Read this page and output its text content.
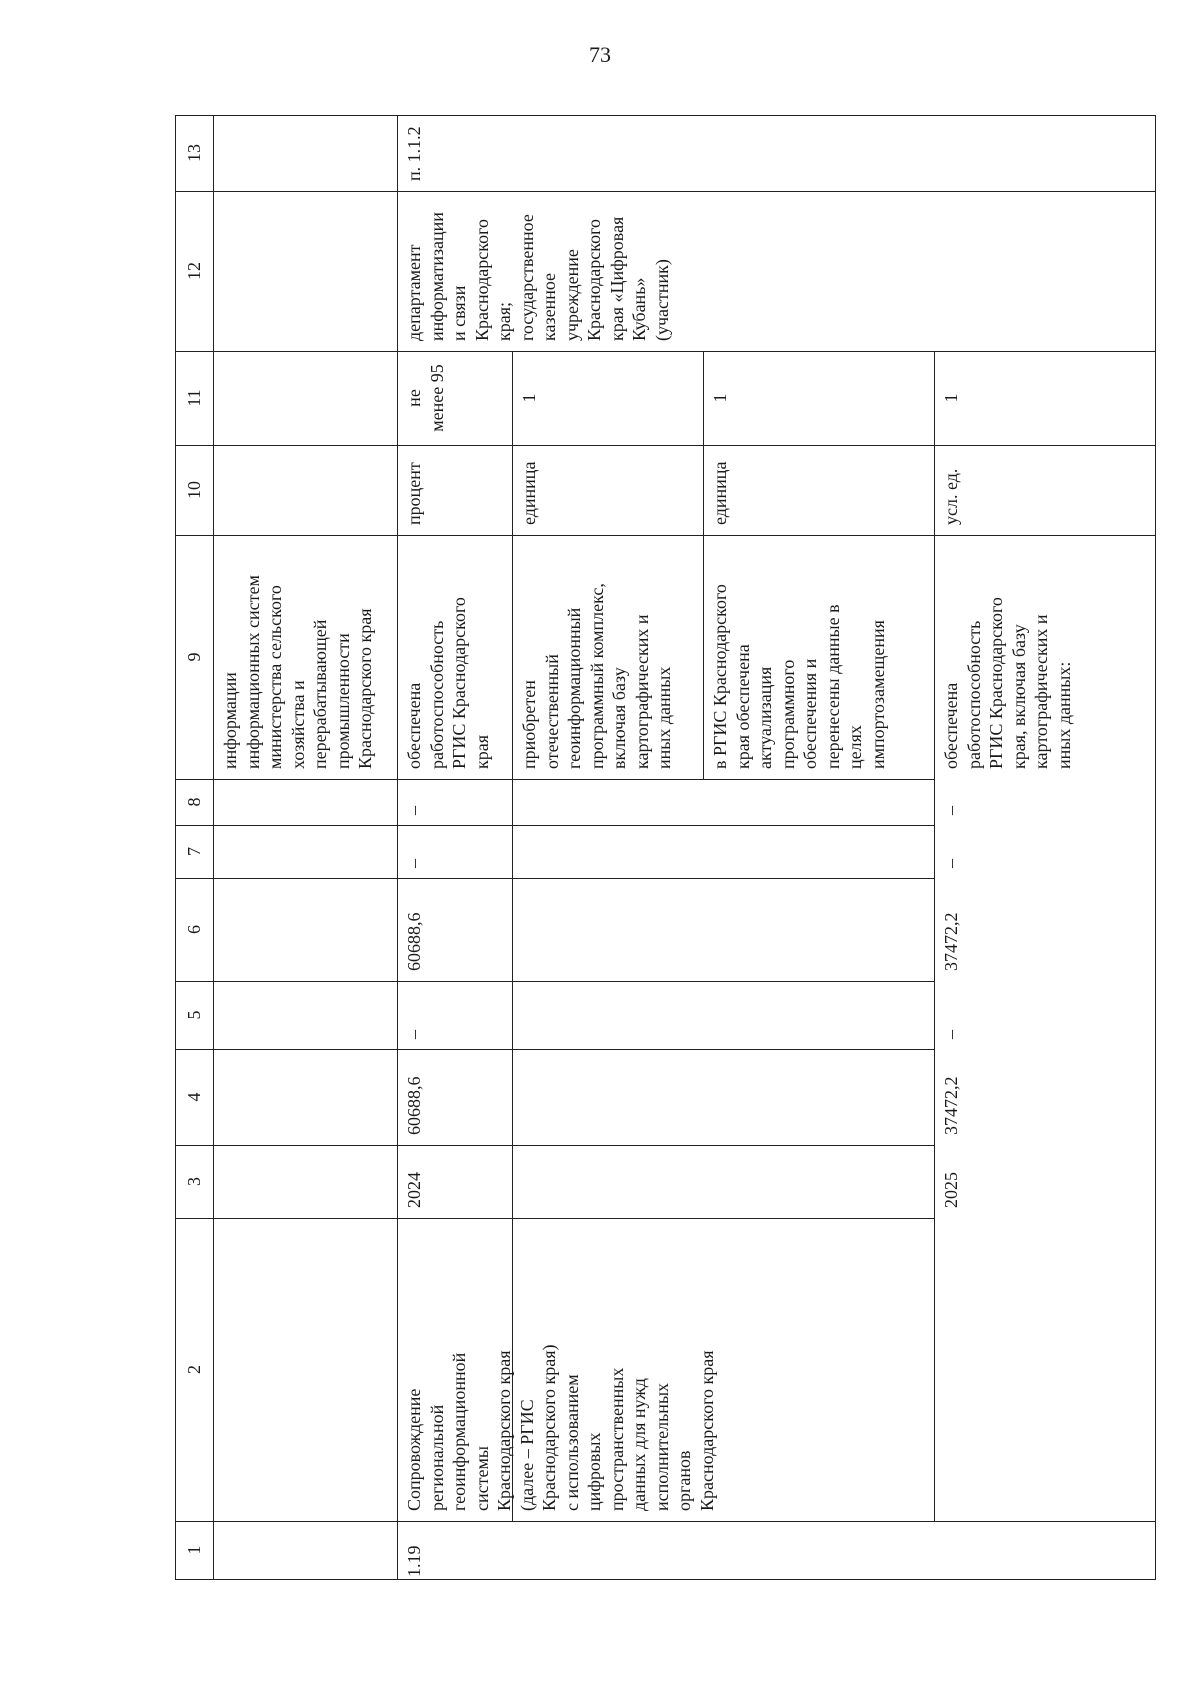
73
13
12
11
10
9
8
7
6
5
4
3
2
1
информации
информационных систем
министерства сельского
хозяйства и
перерабатывающей
промышленности
Краснодарского края
1.19
Сопровождение
региональной
геоинформационной
системы
Краснодарского края
(далее – РГИС
Краснодарского края)
с использованием
цифровых
пространственных
данных для нужд
исполнительных
органов
Краснодарского края
2024
60688,6
–
60688,6
–
–
обеспечена
работоспособность
РГИС Краснодарского
края
процент
не
менее 95
приобретен
отечественный
геоинформационный
программный комплекс,
включая базу
картографических и
иных данных
единица
1
в РГИС Краснодарского
края обеспечена
актуализация
программного
обеспечения и
перенесены данные в
целях
импортозамещения
единица
1
2025
37472,2
–
37472,2
–
–
обеспечена
работоспособность
РГИС Краснодарского
края, включая базу
картографических и
иных данных:
усл. ед.
1
департамент
информатизации
и связи
Краснодарского
края;
государственное
казенное
учреждение
Краснодарского
края «Цифровая
Кубань»
(участник)
п. 1.1.2
